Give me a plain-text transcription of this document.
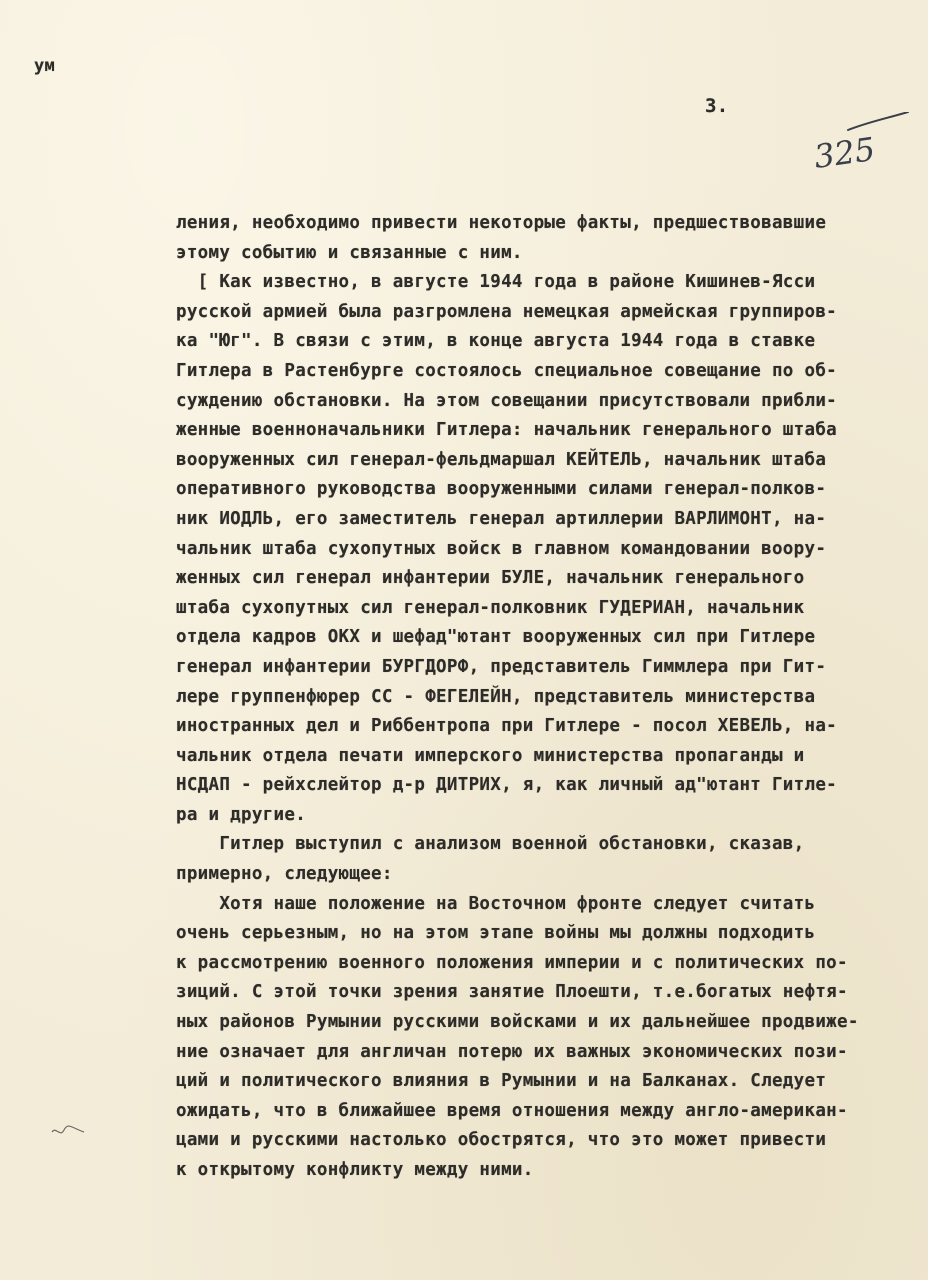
ум
3.
325
ления, необходимо привести некоторые факты, предшествовавшие
этому событию и связанные с ним.
[ Как известно, в августе 1944 года в районе Кишинев-Ясси
русской армией была разгромлена немецкая армейская группиров-
ка "Юг". В связи с этим, в конце августа 1944 года в ставке
Гитлера в Растенбурге состоялось специальное совещание по об-
суждению обстановки. На этом совещании присутствовали прибли-
женные военноначальники Гитлера: начальник генерального штаба
вооруженных сил генерал-фельдмаршал КЕЙТЕЛЬ, начальник штаба
оперативного руководства вооруженными силами генерал-полков-
ник ИОДЛЬ, его заместитель генерал артиллерии ВАРЛИМОНТ, на-
чальник штаба сухопутных войск в главном командовании воору-
женных сил генерал инфантерии БУЛЕ, начальник генерального
штаба сухопутных сил генерал-полковник ГУДЕРИАН, начальник
отдела кадров ОКХ и шефад"ютант вооруженных сил при Гитлере
генерал инфантерии БУРГДОРФ, представитель Гиммлера при Гит-
лере группенфюрер СС - ФЕГЕЛЕЙН, представитель министерства
иностранных дел и Риббентропа при Гитлере - посол ХЕВЕЛЬ, на-
чальник отдела печати имперского министерства пропаганды и
НСДАП - рейхслейтор д-р ДИТРИХ, я, как личный ад"ютант Гитле-
ра и другие.
Гитлер выступил с анализом военной обстановки, сказав,
примерно, следующее:
Хотя наше положение на Восточном фронте следует считать
очень серьезным, но на этом этапе войны мы должны подходить
к рассмотрению военного положения империи и с политических по-
зиций. С этой точки зрения занятие Плоешти, т.е.богатых нефтя-
ных районов Румынии русскими войсками и их дальнейшее продвиже-
ние означает для англичан потерю их важных экономических пози-
ций и политического влияния в Румынии и на Балканах. Следует
ожидать, что в ближайшее время отношения между англо-американ-
цами и русскими настолько обострятся, что это может привести
к открытому конфликту между ними.
